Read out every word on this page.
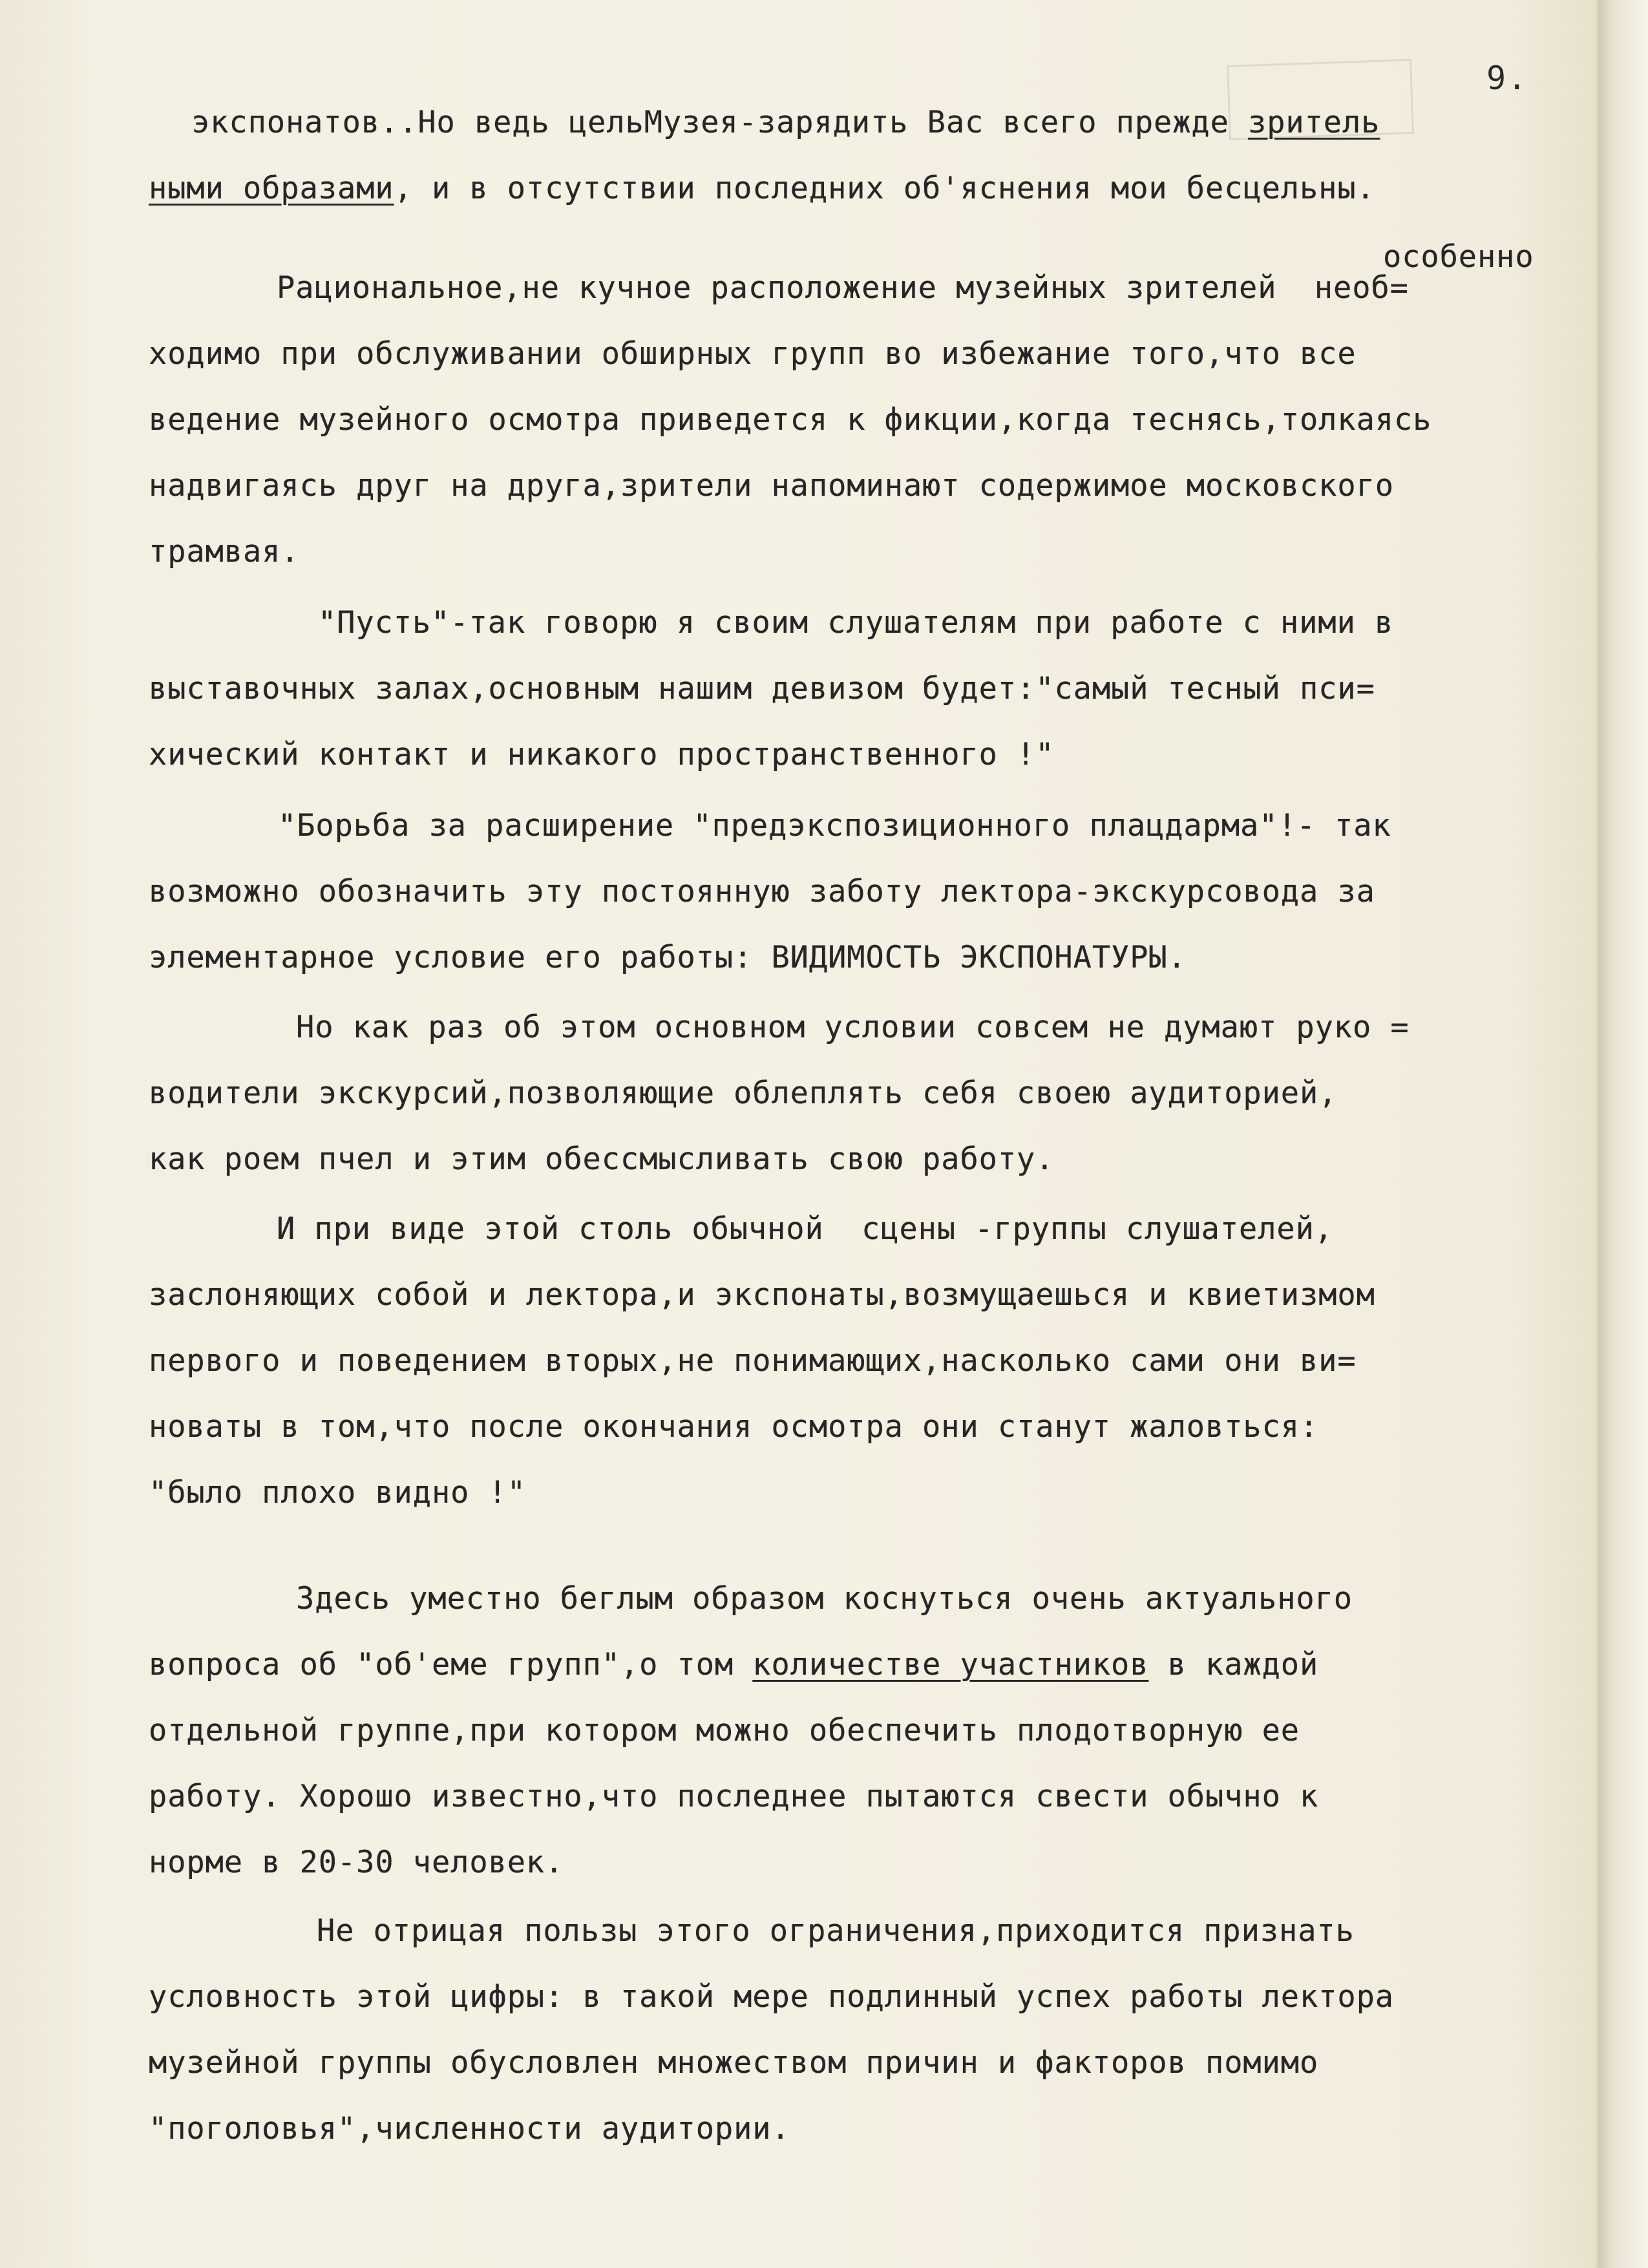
9.
экспонатов..Но ведь цельМузея-зарядить Вас всего прежде зритель
ными образами, и в отсутствии последних об'яснения мои бесцельны.
особенно
Рациональное,не кучное расположение музейных зрителей  необ=
ходимо при обслуживании обширных групп во избежание того,что все
ведение музейного осмотра приведется к фикции,когда теснясь,толкаясь
надвигаясь друг на друга,зрители напоминают содержимое московского
трамвая.
"Пусть"-так говорю я своим слушателям при работе с ними в
выставочных залах,основным нашим девизом будет:"самый тесный пси=
хический контакт и никакого пространственного !"
"Борьба за расширение "предэкспозиционного плацдарма"!- так
возможно обозначить эту постоянную заботу лектора-экскурсовода за
элементарное условие его работы: ВИДИМОСТЬ ЭКСПОНАТУРЫ.
Но как раз об этом основном условии совсем не думают руко =
водители экскурсий,позволяющие облеплять себя своею аудиторией,
как роем пчел и этим обессмысливать свою работу.
И при виде этой столь обычной  сцены -группы слушателей,
заслоняющих собой и лектора,и экспонаты,возмущаешься и квиетизмом
первого и поведением вторых,не понимающих,насколько сами они ви=
новаты в том,что после окончания осмотра они станут жаловться:
"было плохо видно !"
Здесь уместно беглым образом коснуться очень актуального
вопроса об "об'еме групп",о том количестве участников в каждой
отдельной группе,при котором можно обеспечить плодотворную ее
работу. Хорошо известно,что последнее пытаются свести обычно к
норме в 20-30 человек.
Не отрицая пользы этого ограничения,приходится признать
условность этой цифры: в такой мере подлинный успех работы лектора
музейной группы обусловлен множеством причин и факторов помимо
"поголовья",численности аудитории.
